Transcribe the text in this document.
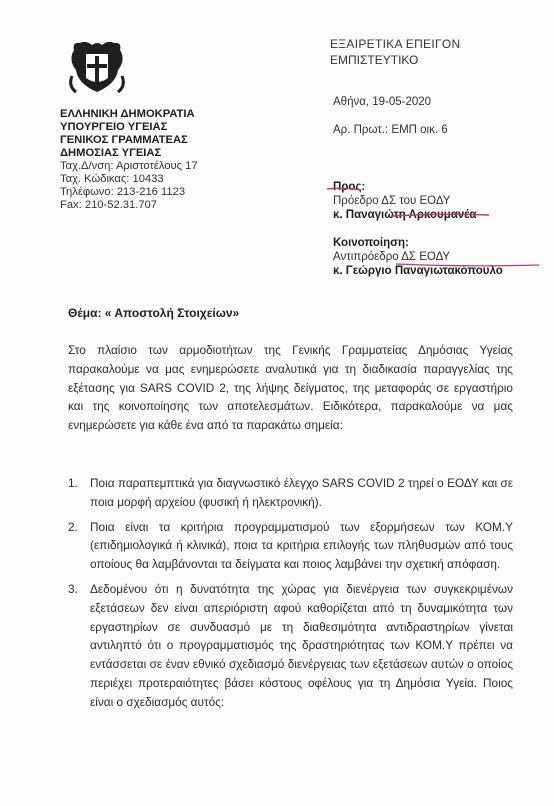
ΕΛΛΗΝΙΚΗ ΔΗΜΟΚΡΑΤΙΑ
ΥΠΟΥΡΓΕΙΟ ΥΓΕΙΑΣ
ΓΕΝΙΚΟΣ ΓΡΑΜΜΑΤΕΑΣ
ΔΗΜΟΣΙΑΣ ΥΓΕΙΑΣ
Ταχ.Δ/νση: Αριστοτέλους 17
Ταχ. Κώδικας: 10433
Τηλέφωνο: 213-216 1123
Fax: 210-52.31.707
ΕΞΑΙΡΕΤΙΚΑ ΕΠΕΙΓΟΝ
ΕΜΠΙΣΤΕΥΤΙΚΟ
Αθήνα, 19-05-2020
Αρ. Πρωτ.: ΕΜΠ οικ. 6
Προς:
Πρόεδρο ΔΣ του ΕΟΔΥ
κ. Παναγιώτη Αρκουμανέα
Κοινοποίηση:
Αντιπρόεδρο ΔΣ ΕΟΔΥ
κ. Γεώργιο Παναγιωτακόπουλο
Θέμα: « Αποστολή Στοιχείων»
Στο πλαίσιο των αρμοδιοτήτων της Γενικής Γραμματείας Δημόσιας Υγείας παρακαλούμε να μας ενημερώσετε αναλυτικά για τη διαδικασία παραγγελίας της εξέτασης για SARS COVID 2, της λήψης δείγματος, της μεταφοράς σε εργαστήριο και της κοινοποίησης των αποτελεσμάτων. Ειδικότερα, παρακαλούμε να μας ενημερώσετε για κάθε ένα από τα παρακάτω σημεία:
1.	Ποια παραπεμπτικά για διαγνωστικό έλεγχο SARS COVID 2 τηρεί ο ΕΟΔΥ και σε ποια μορφή αρχείου (φυσική ή ηλεκτρονική).
2.	Ποια είναι τα κριτήρια προγραμματισμού των εξορμήσεων των ΚΟΜ.Υ (επιδημιολογικά ή κλινικά), ποια τα κριτήρια επιλογής των πληθυσμών από τους οποίους θα λαμβάνονται τα δείγματα και ποιος λαμβάνει την σχετική απόφαση.
3.	Δεδομένου ότι η δυνατότητα της χώρας για διενέργεια των συγκεκριμένων εξετάσεων δεν είναι απεριόριστη αφού καθορίζεται από τη δυναμικότητα των εργαστηρίων σε συνδυασμό με τη διαθεσιμότητα αντιδραστηρίων γίνεται αντιληπτό ότι ο προγραμματισμός της δραστηριότητας των ΚΟΜ.Υ πρέπει να εντάσσεται σε έναν εθνικό σχεδιασμό διενέργειας των εξετάσεων αυτών ο οποίος περιέχει προτεραιότητες βάσει κόστους οφέλους για τη Δημόσια Υγεία. Ποιος είναι ο σχεδιασμός αυτός:
